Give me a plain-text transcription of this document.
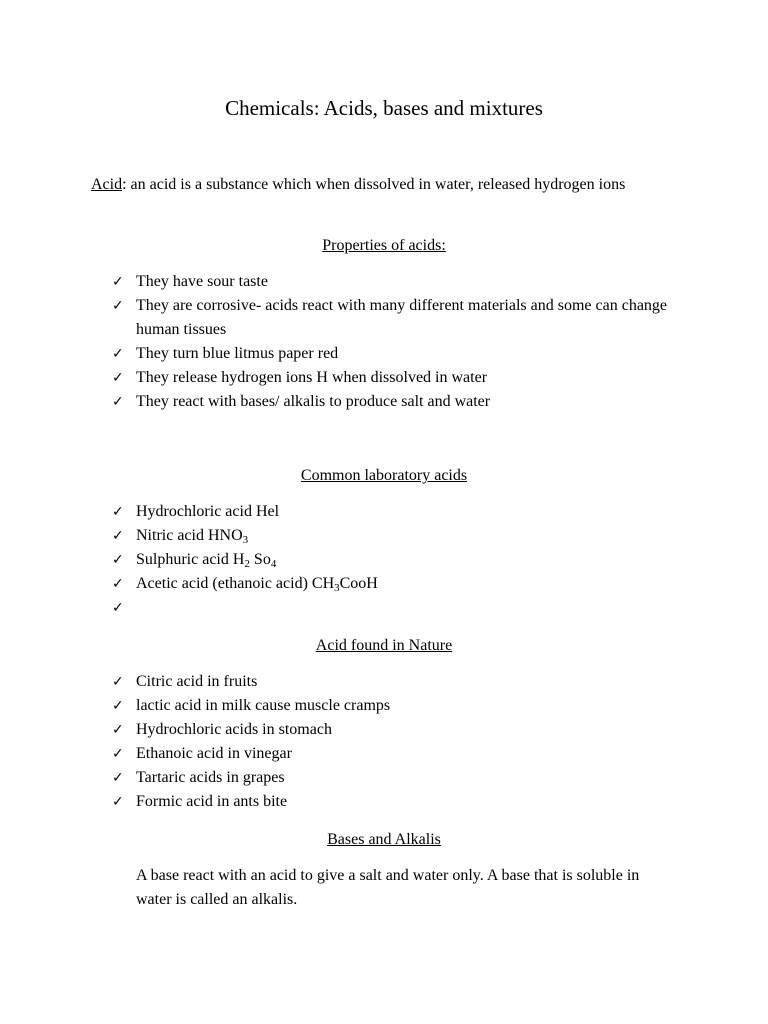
Chemicals: Acids, bases and mixtures

Acid: an acid is a substance which when dissolved in water, released hydrogen ions

Properties of acids:
✓ They have sour taste
✓ They are corrosive- acids react with many different materials and some can change human tissues
✓ They turn blue litmus paper red
✓ They release hydrogen ions H when dissolved in water
✓ They react with bases/ alkalis to produce salt and water
Common laboratory acids
✓ Hydrochloric acid Hel
✓ Nitric acid $HNO_3$
✓ Sulphuric acid $H_2$ $So_4$
✓ Acetic acid (ethanoic acid) $CH_3CooH$
✓
Acid found in Nature
✓ Citric acid in fruits
✓ lactic acid in milk cause muscle cramps
✓ Hydrochloric acids in stomach
✓ Ethanoic acid in vinegar
✓ Tartaric acids in grapes
✓ Formic acid in ants bite
Bases and Alkalis

A base react with an acid to give a salt and water only. A base that is soluble in water is called an alkalis.
